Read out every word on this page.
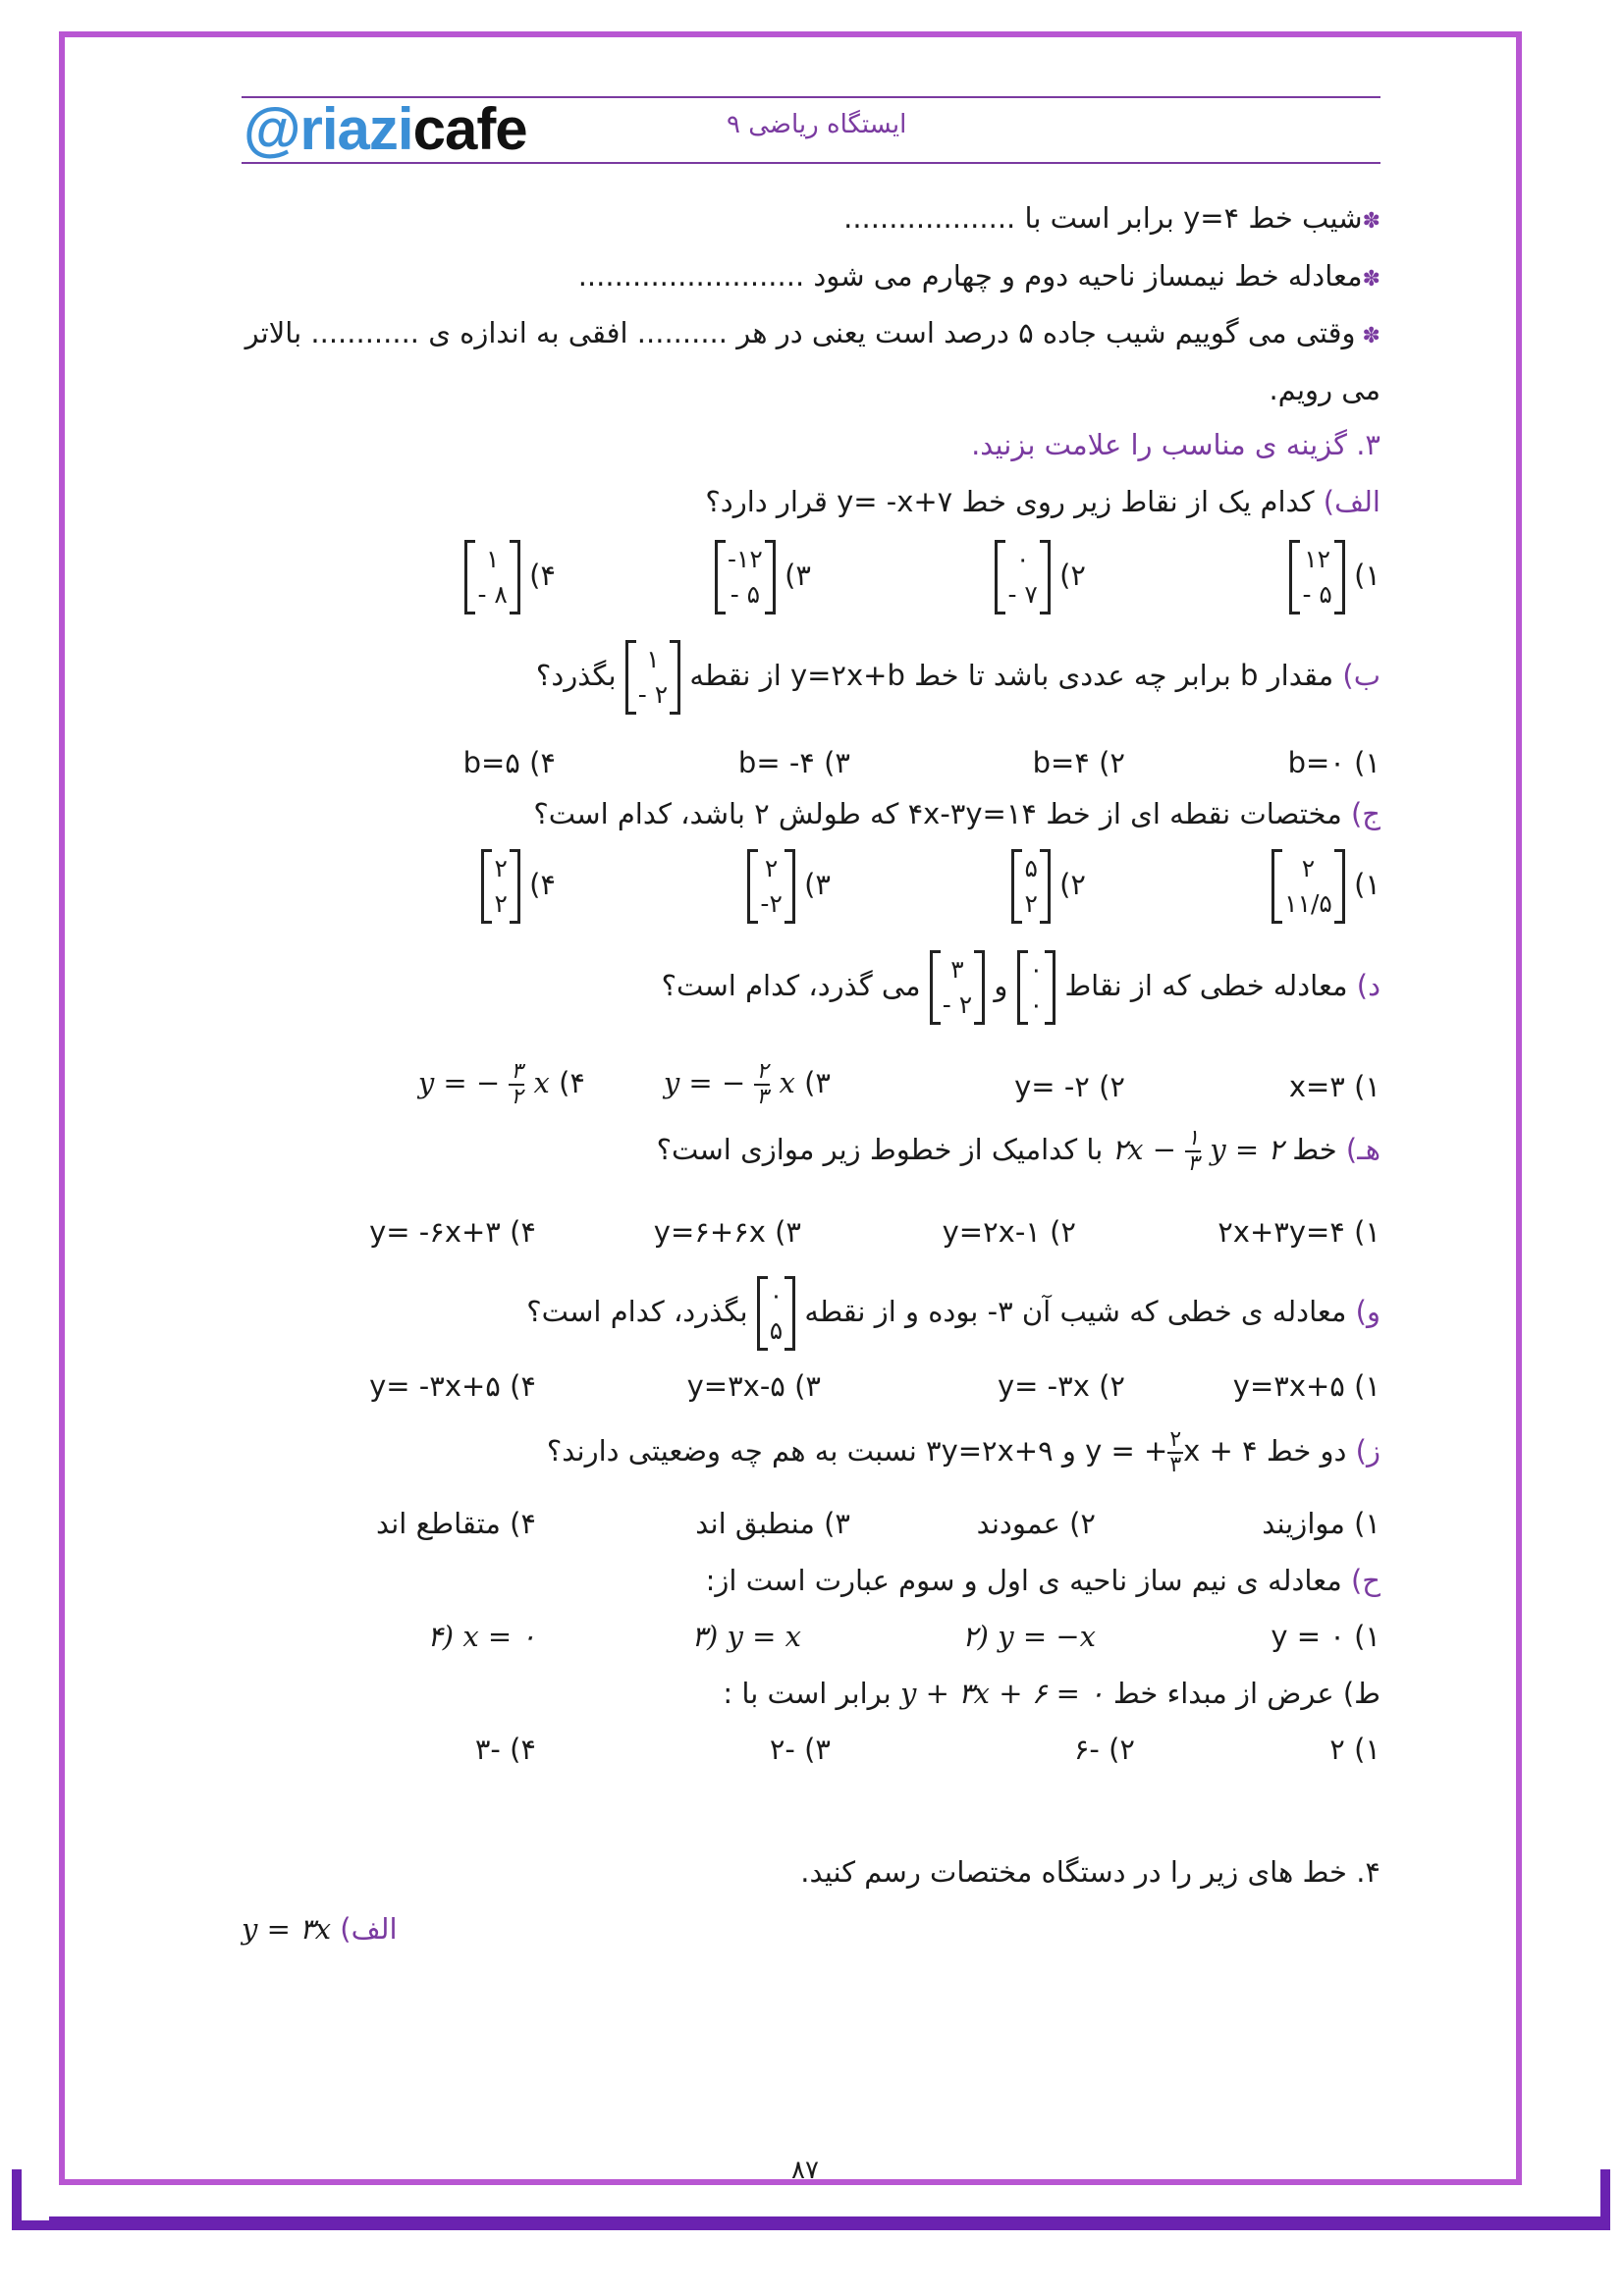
@riazicafe	ایستگاه ریاضی ۹
✽شیب خط y=۴ برابر است با ...................
✽معادله خط نیمساز ناحیه دوم و چهارم می شود .........................
✽ وقتی می گوییم شیب جاده ۵ درصد است یعنی در هر .......... افقی به اندازه ی ............ بالاتر
می رویم.
۳. گزینه ی مناسب را علامت بزنید.
الف) کدام یک از نقاط زیر روی خط y= -x+۷ قرار دارد؟
۱)
۱۲
- ۵
۲)
۰
- ۷
۳)
-۱۲
- ۵
۴)
۱
- ۸
ب) مقدار b برابر چه عددی باشد تا خط y=۲x+b از نقطه
۱
- ۲
بگذرد؟
۱) b=۰
۲) b=۴
۳) b= -۴
۴) b=۵
ج) مختصات نقطه ای از خط ۴x-۳y=۱۴ که طولش ۲ باشد، کدام است؟
۱)
۲
۱۱/۵
۲)
۵
۲
۳)
۲
-۲
۴)
۲
۲
د) معادله خطی که از نقاط
۰
۰
و
۳
- ۲
می گذرد، کدام است؟
۱) x=۳
۲) y= -۲
۳) y = − $\frac{۲}{۳}$ x
۴) y = − $\frac{۳}{۲}$ x
هـ) خط ۲x − $\frac{۱}{۳}$ y = ۲ با کدامیک از خطوط زیر موازی است؟
۱) ۲x+۳y=۴
۲) y=۲x-۱
۳) y=۶+۶x
۴) y= -۶x+۳
و) معادله ی خطی که شیب آن ۳- بوده و از نقطه
۰
۵
بگذرد، کدام است؟
۱) y=۳x+۵
۲) y= -۳x
۳) y=۳x-۵
۴) y= -۳x+۵
ز) دو خط y = + $\frac{۲}{۳}$ x + ۴ و ۳y=۲x+۹ نسبت به هم چه وضعیتی دارند؟
۱) موازیند
۲) عمودند
۳) منطبق اند
۴) متقاطع اند
ح) معادله ی نیم ساز ناحیه ی اول و سوم عبارت است از:
۱) y = ۰
۲) y = −x
۳) y = x
۴) x = ۰
ط) عرض از مبداء خط y + ۳x + ۶ = ۰ برابر است با :
۱) ۲
۲) -۶
۳) -۲
۴) -۳
۴. خط های زیر را در دستگاه مختصات رسم کنید.
الف) y = ۳x
۸۷
